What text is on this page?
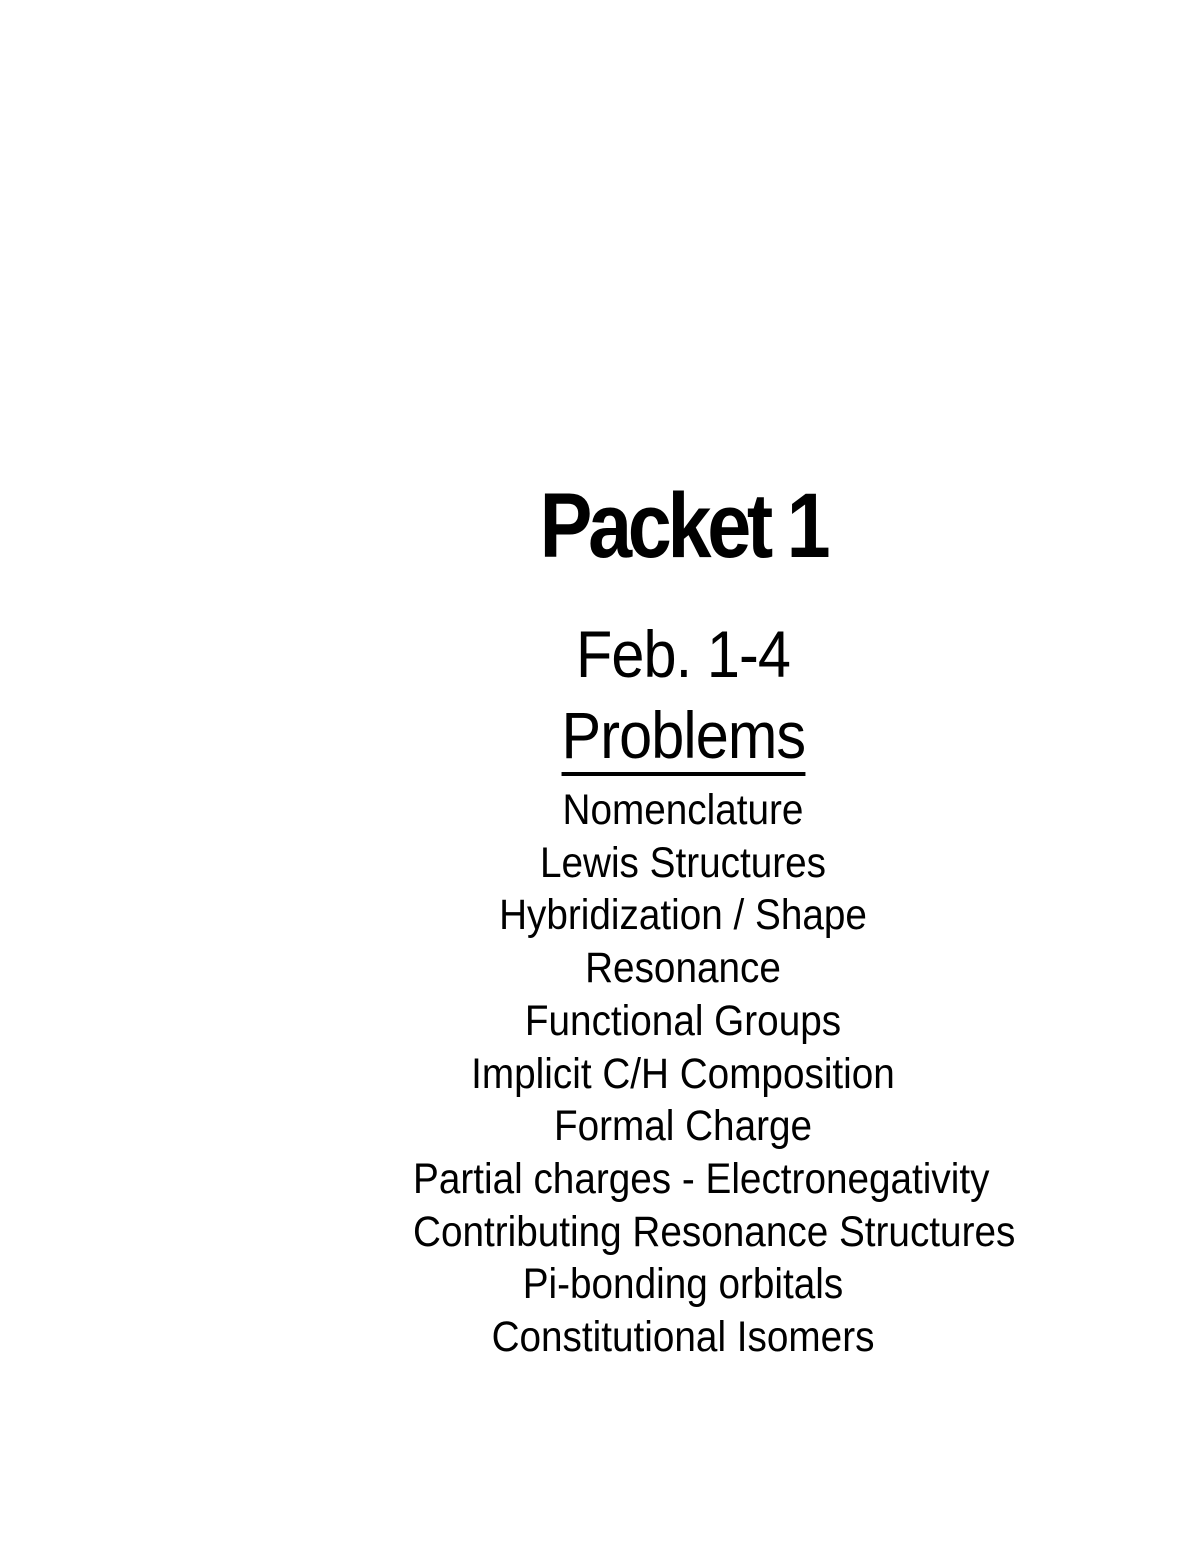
Packet 1
Feb. 1-4
Problems
Nomenclature
Lewis Structures
Hybridization / Shape
Resonance
Functional Groups
Implicit C/H Composition
Formal Charge
Partial charges - Electronegativity
Contributing Resonance Structures
Pi-bonding orbitals
Constitutional Isomers
